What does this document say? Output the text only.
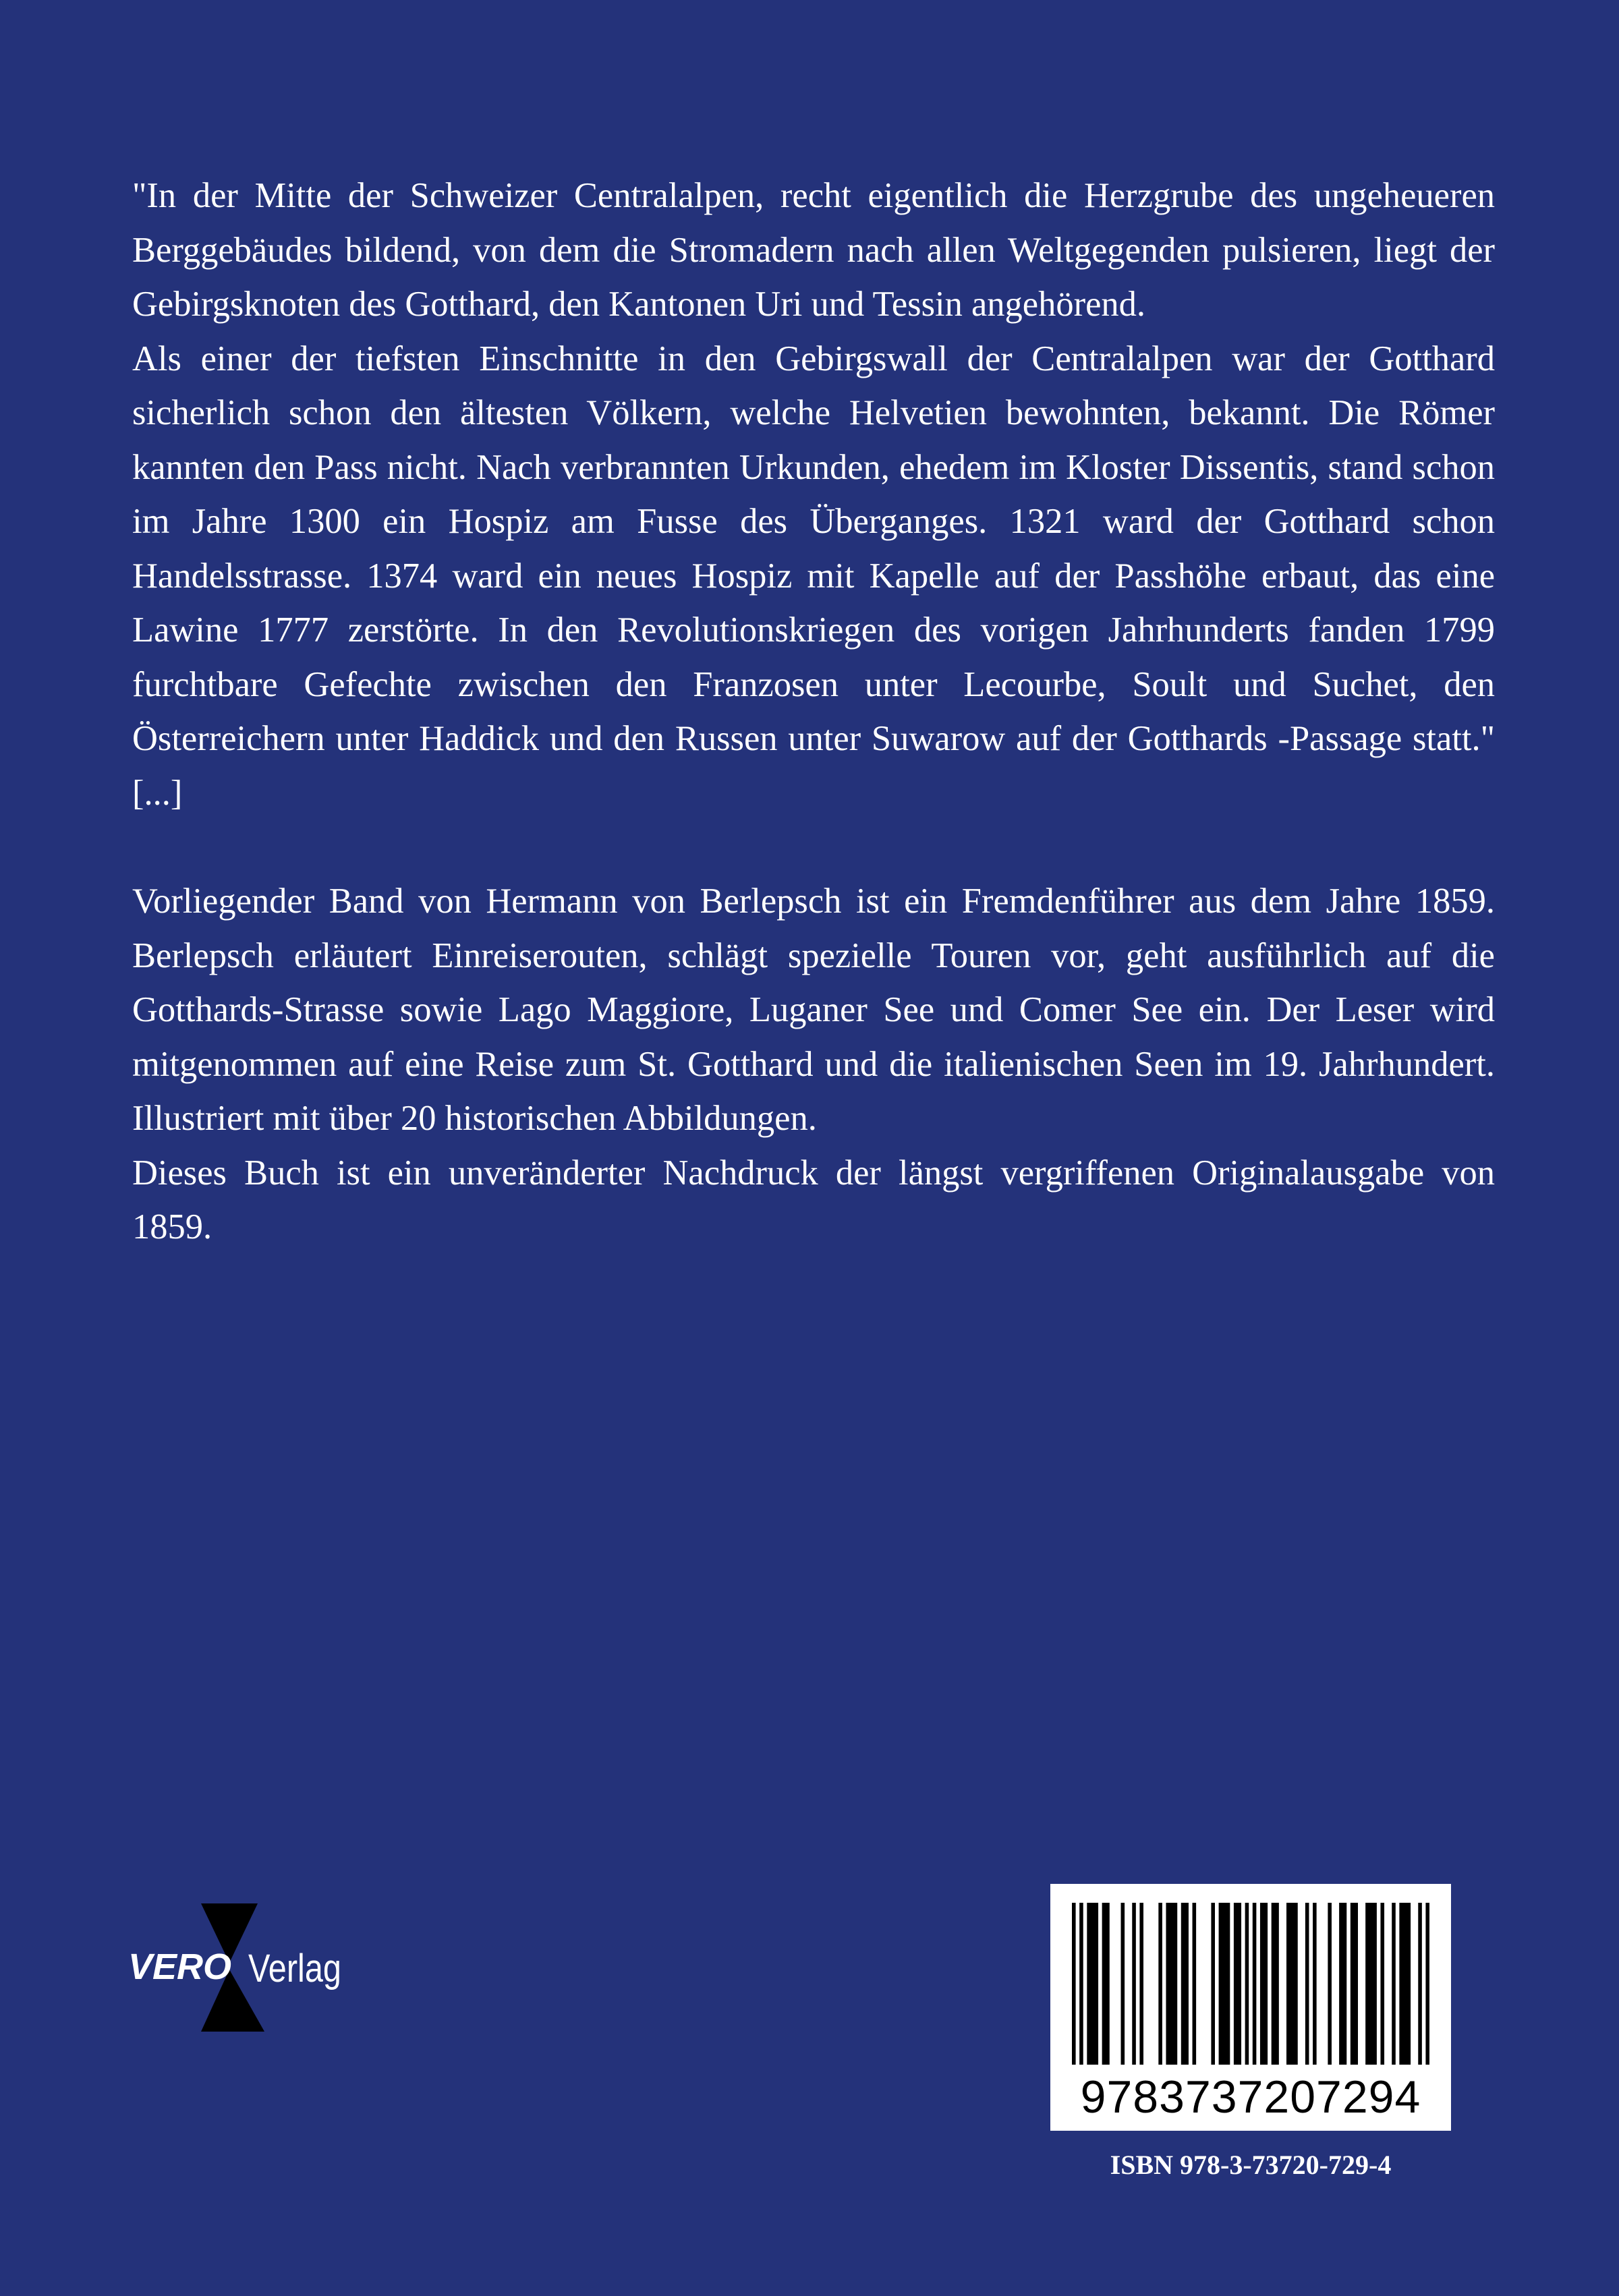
"In der Mitte der Schweizer Centralalpen, recht eigentlich die Herzgrube des ungeheueren Berggebäudes bildend, von dem die Stromadern nach allen Weltgegenden pulsieren, liegt der Gebirgsknoten des Gotthard, den Kantonen Uri und Tessin angehörend.

Als einer der tiefsten Einschnitte in den Gebirgswall der Centralalpen war der Gotthard sicherlich schon den ältesten Völkern, welche Helvetien bewohnten, bekannt. Die Römer kannten den Pass nicht. Nach verbrannten Urkunden, ehedem im Kloster Dissentis, stand schon im Jahre 1300 ein Hospiz am Fusse des Überganges. 1321 ward der Gotthard schon Handelsstrasse. 1374 ward ein neues Hospiz mit Kapelle auf der Passhöhe erbaut, das eine Lawine 1777 zerstörte. In den Revolutionskriegen des vorigen Jahrhunderts fanden 1799 furchtbare Gefechte zwischen den Franzosen unter Lecourbe, Soult und Suchet, den Österreichern unter Haddick und den Russen unter Suwarow auf der Gotthards -Passage statt." [...]

Vorliegender Band von Hermann von Berlepsch ist ein Fremdenführer aus dem Jahre 1859. Berlepsch erläutert Einreiserouten, schlägt spezielle Touren vor, geht ausführlich auf die Gotthards-Strasse sowie Lago Maggiore, Luganer See und Comer See ein. Der Leser wird mitgenommen auf eine Reise zum St. Gotthard und die italienischen Seen im 19. Jahrhundert. Illustriert mit über 20 historischen Abbildungen.

Dieses Buch ist ein unveränderter Nachdruck der längst vergriffenen Originalausgabe von 1859.

VERO Verlag
9783737207294
ISBN 978-3-73720-729-4
